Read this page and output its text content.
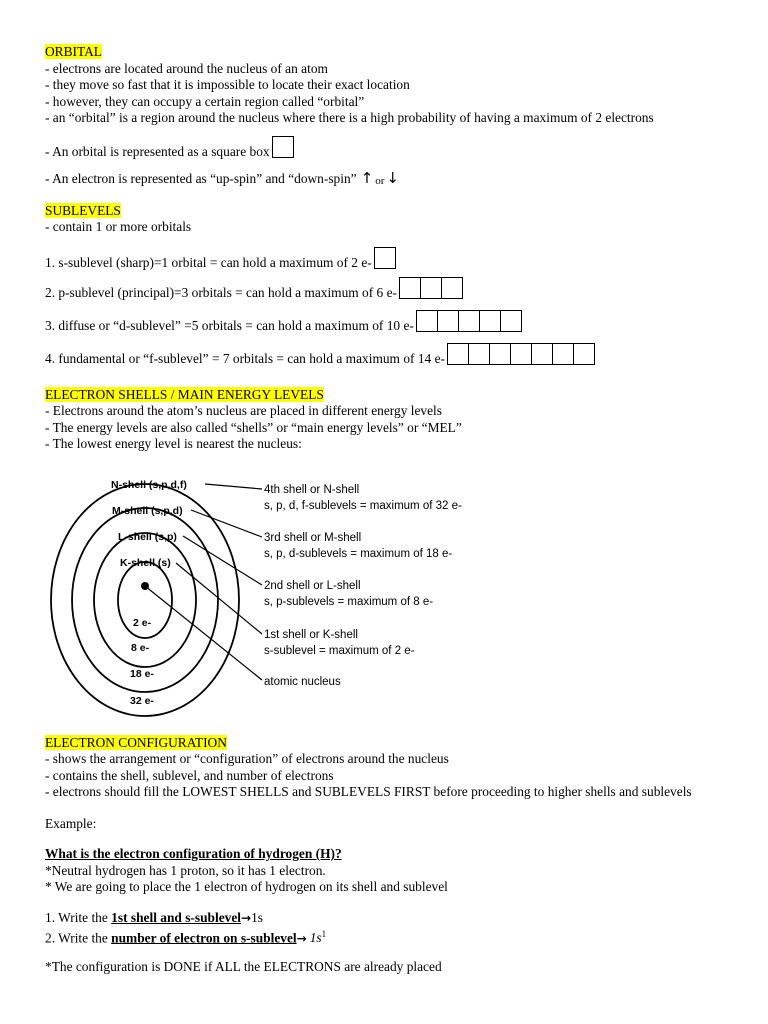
ORBITAL
- electrons are located around the nucleus of an atom
- they move so fast that it is impossible to locate their exact location
- however, they can occupy a certain region called “orbital”
- an “orbital” is a region around the nucleus where there is a high probability of having a maximum of 2 electrons
- An orbital is represented as a square box
- An electron is represented as “up-spin” and “down-spin” ↑ or ↓
SUBLEVELS
- contain 1 or more orbitals
1. s-sublevel (sharp)=1 orbital = can hold a maximum of 2 e-
2. p-sublevel (principal)=3 orbitals = can hold a maximum of 6 e-
3. diffuse or “d-sublevel” =5 orbitals = can hold a maximum of 10 e-
4. fundamental or “f-sublevel” = 7 orbitals = can hold a maximum of 14 e-
ELECTRON SHELLS / MAIN ENERGY LEVELS
- Electrons around the atom’s nucleus are placed in different energy levels
- The energy levels are also called “shells” or “main energy levels” or “MEL”
- The lowest energy level is nearest the nucleus:
N-shell (s,p,d,f)
M-shell (s,p,d)
L-shell (s,p)
K-shell (s)
2 e-
8 e-
18 e-
32 e-
4th shell or N-shell
s, p, d, f-sublevels = maximum of 32 e-
3rd shell or M-shell
s, p, d-sublevels = maximum of 18 e-
2nd shell or L-shell
s, p-sublevels = maximum of 8 e-
1st shell or K-shell
s-sublevel = maximum of 2 e-
atomic nucleus
ELECTRON CONFIGURATION
- shows the arrangement or “configuration” of electrons around the nucleus
- contains the shell, sublevel, and number of electrons
- electrons should fill the LOWEST SHELLS and SUBLEVELS FIRST before proceeding to higher shells and sublevels
Example:
What is the electron configuration of hydrogen (H)?
*Neutral hydrogen has 1 proton, so it has 1 electron.
* We are going to place the 1 electron of hydrogen on its shell and sublevel
1. Write the 1st shell and s-sublevel→1s
2. Write the number of electron on s-sublevel→ $1s^1$
*The configuration is DONE if ALL the ELECTRONS are already placed
